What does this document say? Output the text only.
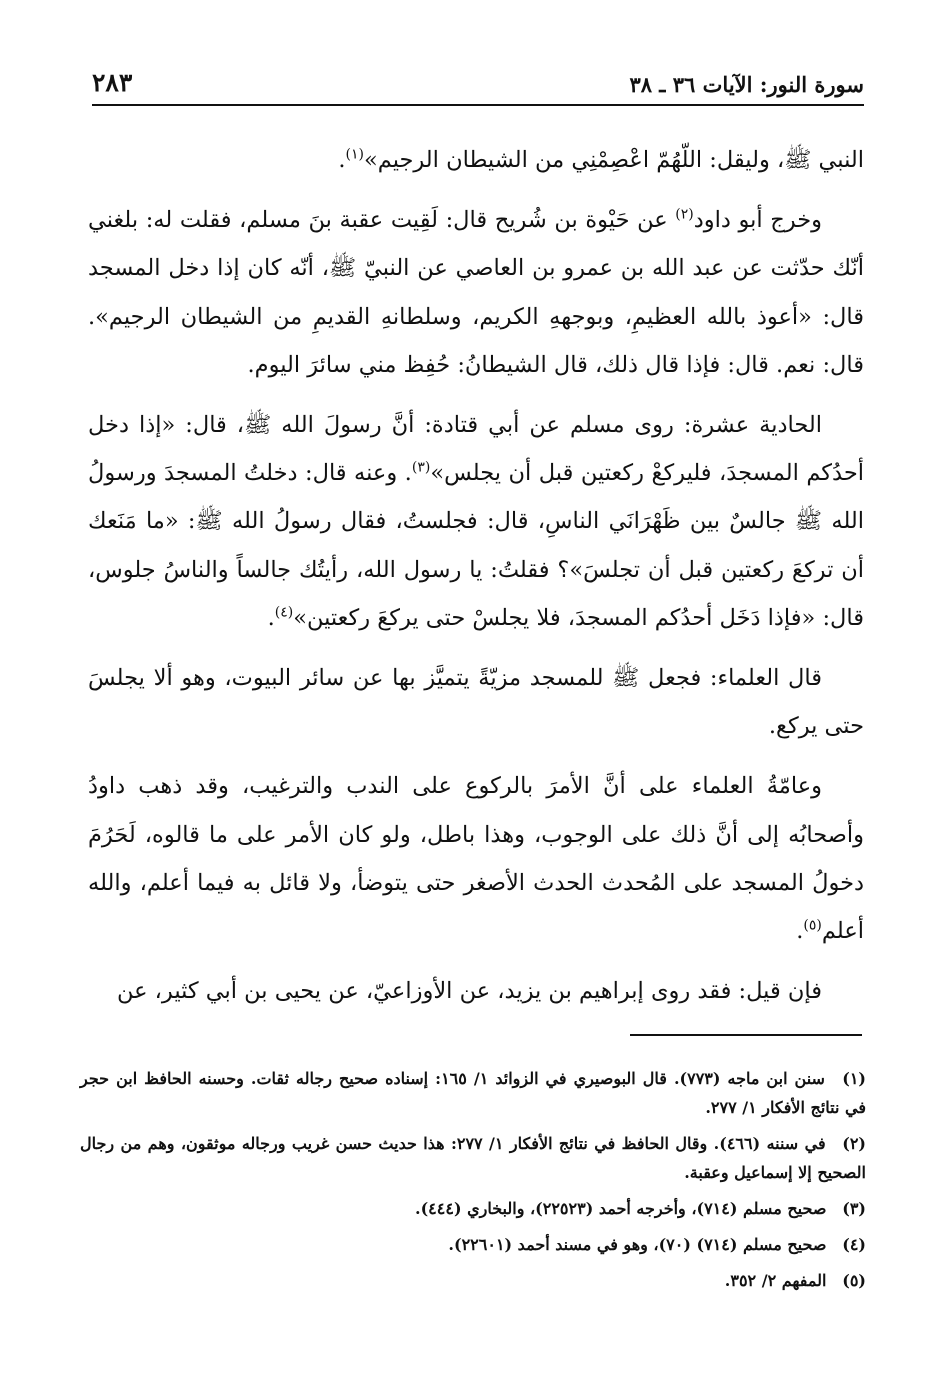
سورة النور: الآيات ٣٦ ـ ٣٨
٢٨٣

النبي ﷺ، وليقل: اللّهُمّ اعْصِمْنِي من الشيطان الرجيم»$^{(١)}$.

وخرج أبو داود$^{(٢)}$ عن حَيْوة بن شُريح قال: لَقِيت عقبة بنَ مسلم، فقلت له: بلغني أنّك حدّثت عن عبد الله بن عمرو بن العاصي عن النبيّ ﷺ، أنّه كان إذا دخل المسجد قال: «أعوذ بالله العظيمِ، وبوجههِ الكريم، وسلطانهِ القديمِ من الشيطان الرجيم». قال: نعم. قال: فإذا قال ذلك، قال الشيطانُ: حُفِظ مني سائرَ اليوم.

الحادية عشرة: روى مسلم عن أبي قتادة: أنَّ رسولَ الله ﷺ، قال: «إذا دخل أحدُكم المسجدَ، فليركعْ ركعتين قبل أن يجلس»$^{(٣)}$. وعنه قال: دخلتُ المسجدَ ورسولُ الله ﷺ جالسٌ بين ظَهْرَانَي الناسِ، قال: فجلستُ، فقال رسولُ الله ﷺ: «ما مَنَعك أن تركعَ ركعتين قبل أن تجلسَ»؟ فقلتُ: يا رسول الله، رأيتُك جالساً والناسُ جلوس، قال: «فإذا دَخَل أحدُكم المسجدَ، فلا يجلسْ حتى يركعَ ركعتين»$^{(٤)}$.

قال العلماء: فجعل ﷺ للمسجد مزيّةً يتميَّز بها عن سائر البيوت، وهو ألا يجلسَ حتى يركع.

وعامّةُ العلماء على أنَّ الأمرَ بالركوع على الندب والترغيب، وقد ذهب داودُ وأصحابُه إلى أنَّ ذلك على الوجوب، وهذا باطل، ولو كان الأمر على ما قالوه، لَحَرُمَ دخولُ المسجد على المُحدث الحدث الأصغر حتى يتوضأ، ولا قائل به فيما أعلم، والله أعلم$^{(٥)}$.

فإن قيل: فقد روى إبراهيم بن يزيد، عن الأوزاعيّ، عن يحيى بن أبي كثير، عن

(١) سنن ابن ماجه (٧٧٣). قال البوصيري في الزوائد ١/ ١٦٥: إسناده صحيح رجاله ثقات. وحسنه الحافظ ابن حجر في نتائج الأفكار ١/ ٢٧٧.
(٢) في سننه (٤٦٦). وقال الحافظ في نتائج الأفكار ١/ ٢٧٧: هذا حديث حسن غريب ورجاله موثقون، وهم من رجال الصحيح إلا إسماعيل وعقبة.
(٣) صحيح مسلم (٧١٤)، وأخرجه أحمد (٢٢٥٢٣)، والبخاري (٤٤٤).
(٤) صحيح مسلم (٧١٤) (٧٠)، وهو في مسند أحمد (٢٢٦٠١).
(٥) المفهم ٢/ ٣٥٢.
